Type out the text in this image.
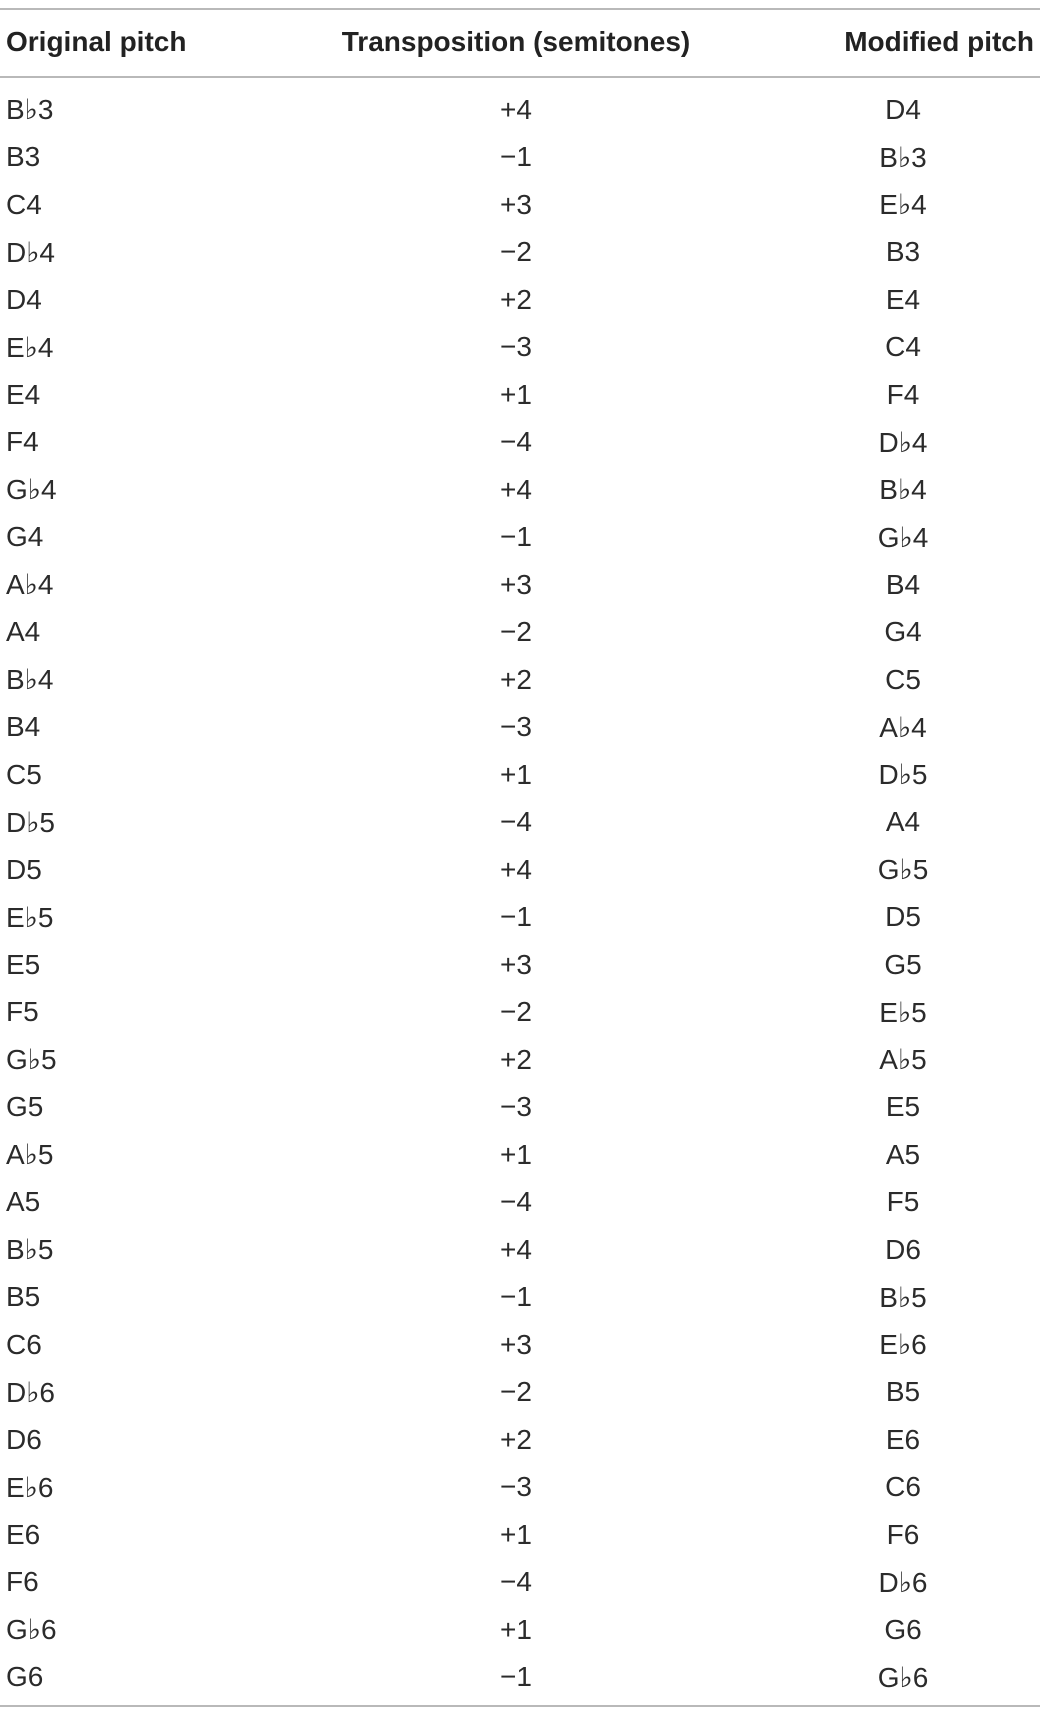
Original pitch	Transposition (semitones)	Modified pitch
B♭3	+4	D4
B3	−1	B♭3
C4	+3	E♭4
D♭4	−2	B3
D4	+2	E4
E♭4	−3	C4
E4	+1	F4
F4	−4	D♭4
G♭4	+4	B♭4
G4	−1	G♭4
A♭4	+3	B4
A4	−2	G4
B♭4	+2	C5
B4	−3	A♭4
C5	+1	D♭5
D♭5	−4	A4
D5	+4	G♭5
E♭5	−1	D5
E5	+3	G5
F5	−2	E♭5
G♭5	+2	A♭5
G5	−3	E5
A♭5	+1	A5
A5	−4	F5
B♭5	+4	D6
B5	−1	B♭5
C6	+3	E♭6
D♭6	−2	B5
D6	+2	E6
E♭6	−3	C6
E6	+1	F6
F6	−4	D♭6
G♭6	+1	G6
G6	−1	G♭6
